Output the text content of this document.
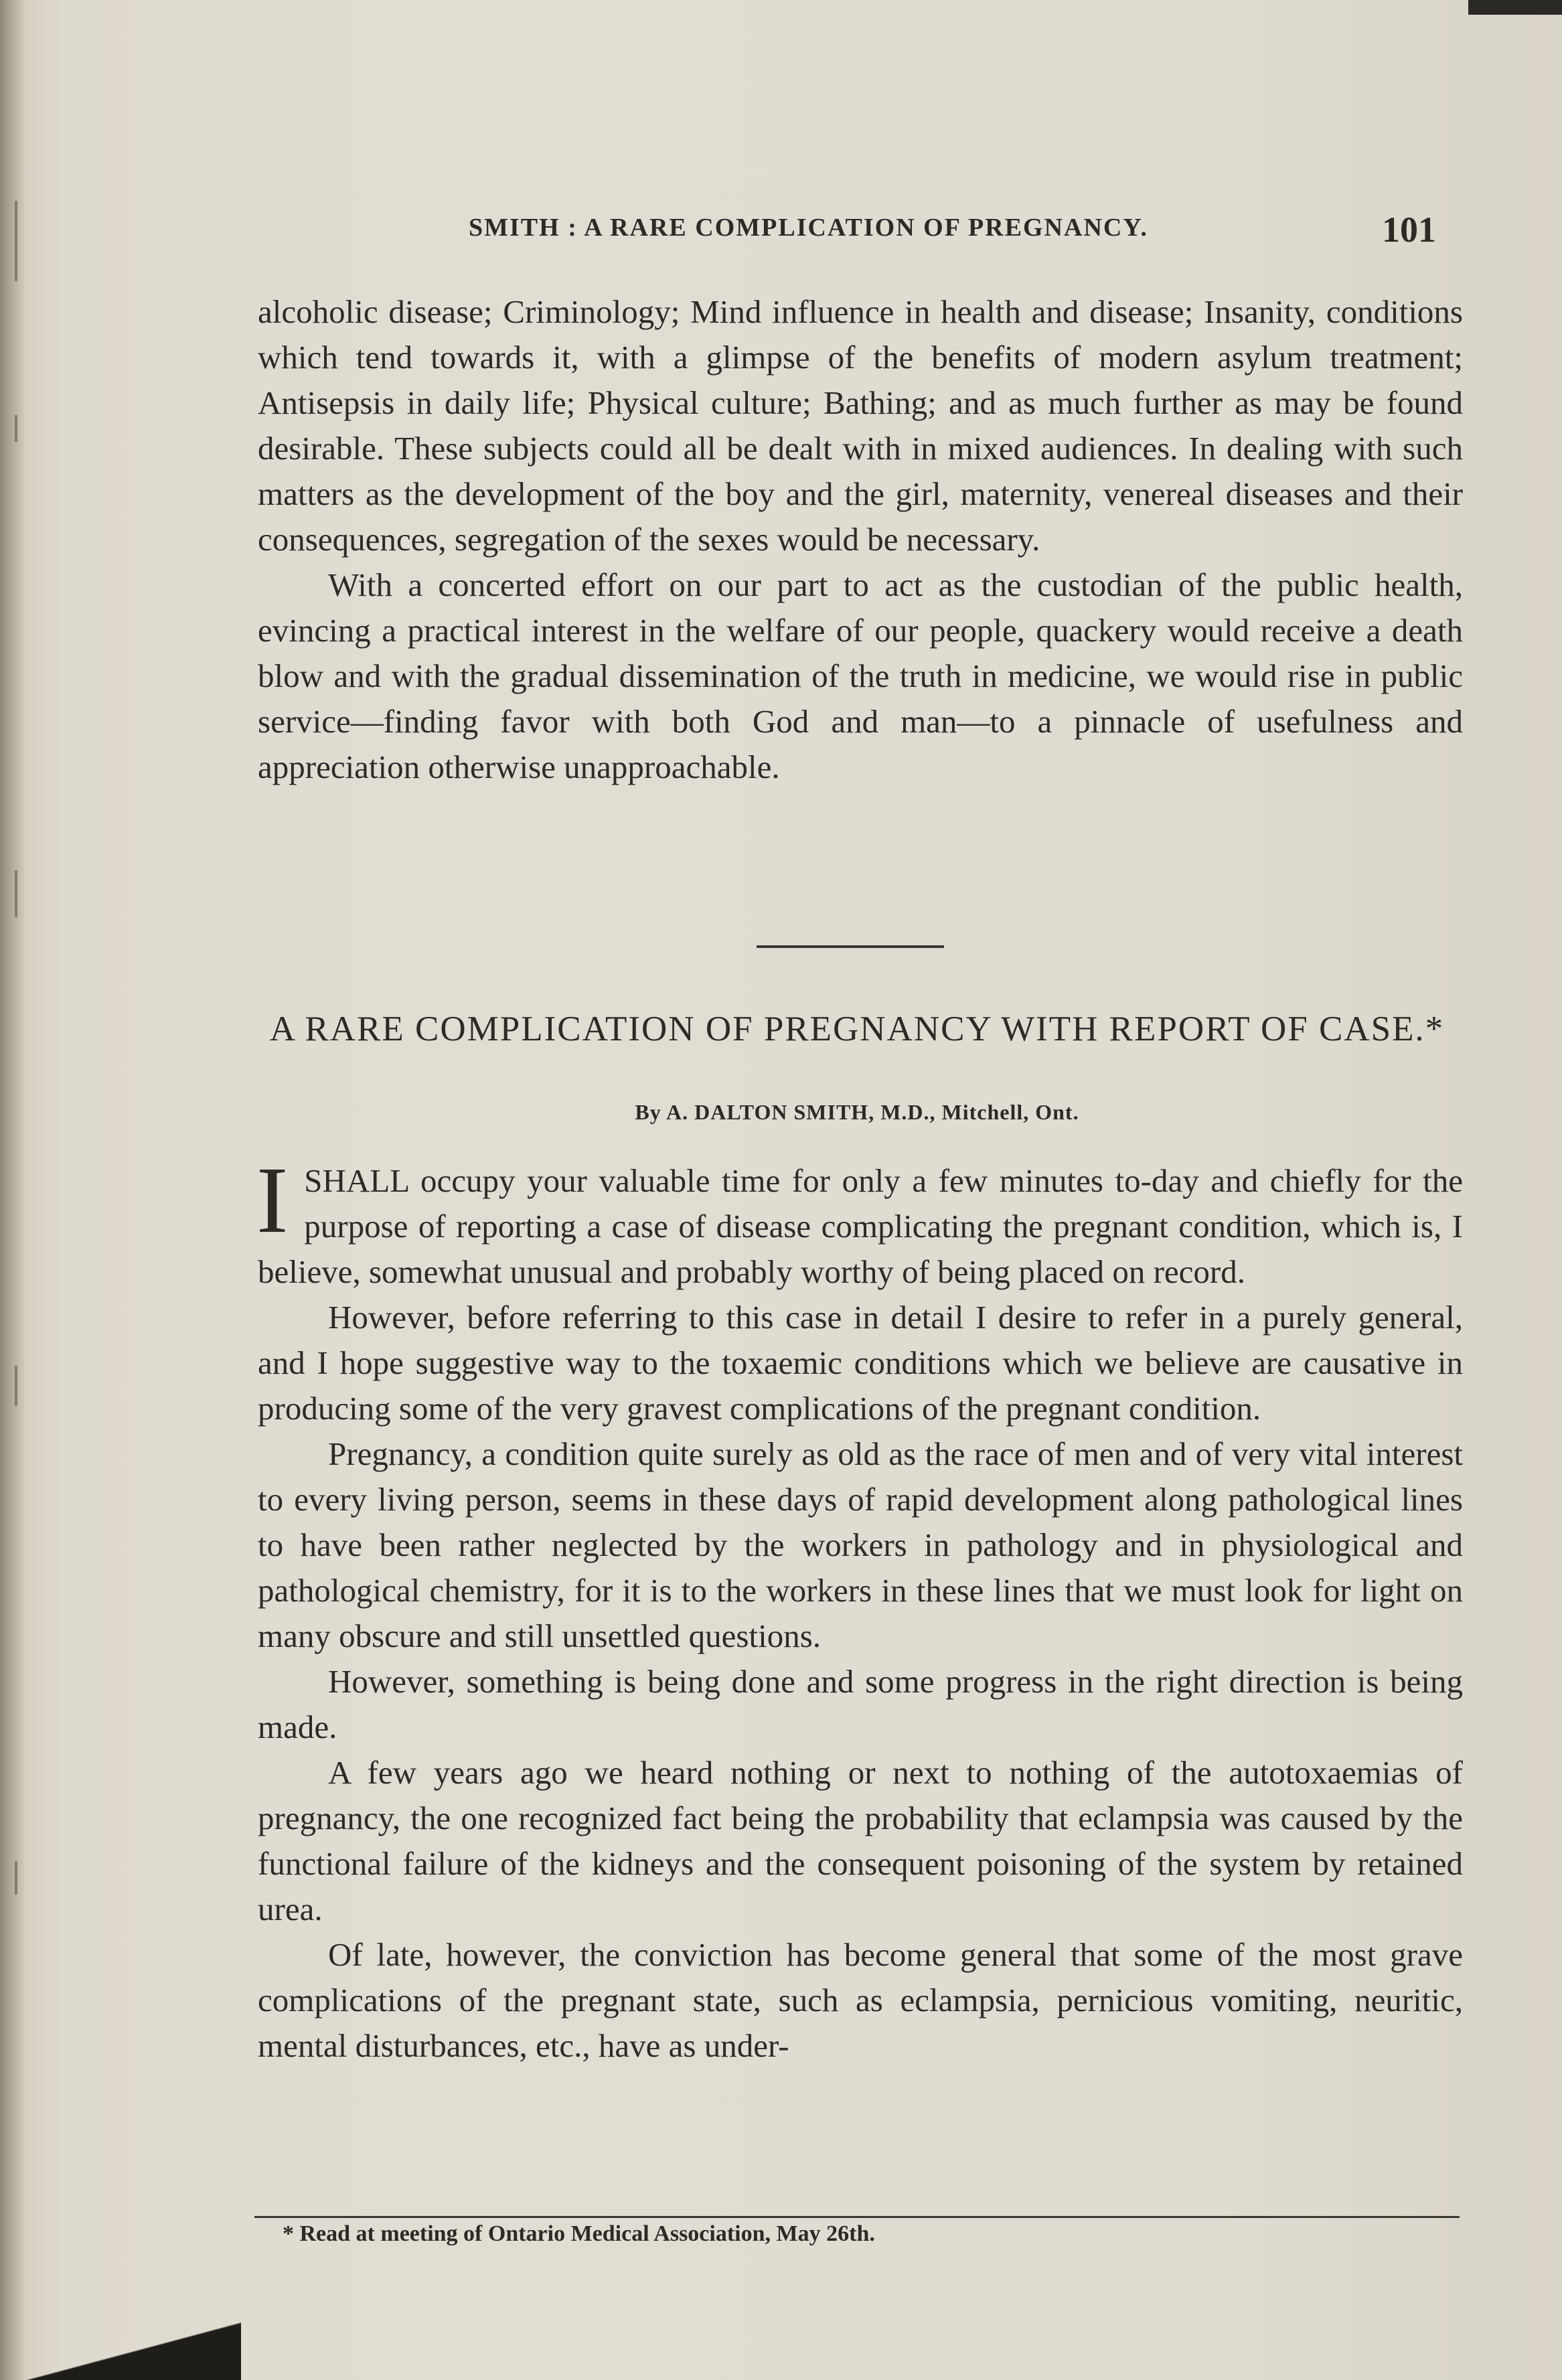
SMITH : A RARE COMPLICATION OF PREGNANCY.	101

alcoholic disease; Criminology; Mind influence in health and disease; Insanity, conditions which tend towards it, with a glimpse of the benefits of modern asylum treatment; Antisepsis in daily life; Physical culture; Bathing; and as much further as may be found desirable. These subjects could all be dealt with in mixed audiences. In dealing with such matters as the development of the boy and the girl, maternity, venereal diseases and their consequences, segregation of the sexes would be necessary.

With a concerted effort on our part to act as the custodian of the public health, evincing a practical interest in the welfare of our people, quackery would receive a death blow and with the gradual dissemination of the truth in medicine, we would rise in public service—finding favor with both God and man—to a pinnacle of usefulness and appreciation otherwise unapproachable.

A RARE COMPLICATION OF PREGNANCY WITH REPORT OF CASE.*
By A. DALTON SMITH, M.D., Mitchell, Ont.

I SHALL occupy your valuable time for only a few minutes to-day and chiefly for the purpose of reporting a case of disease complicating the pregnant condition, which is, I believe, somewhat unusual and probably worthy of being placed on record.

However, before referring to this case in detail I desire to refer in a purely general, and I hope suggestive way to the toxaemic conditions which we believe are causative in producing some of the very gravest complications of the pregnant condition.

Pregnancy, a condition quite surely as old as the race of men and of very vital interest to every living person, seems in these days of rapid development along pathological lines to have been rather neglected by the workers in pathology and in physiological and pathological chemistry, for it is to the workers in these lines that we must look for light on many obscure and still unsettled questions.

However, something is being done and some progress in the right direction is being made.

A few years ago we heard nothing or next to nothing of the autotoxaemias of pregnancy, the one recognized fact being the probability that eclampsia was caused by the functional failure of the kidneys and the consequent poisoning of the system by retained urea.

Of late, however, the conviction has become general that some of the most grave complications of the pregnant state, such as eclampsia, pernicious vomiting, neuritic, mental disturbances, etc., have as under-

* Read at meeting of Ontario Medical Association, May 26th.
